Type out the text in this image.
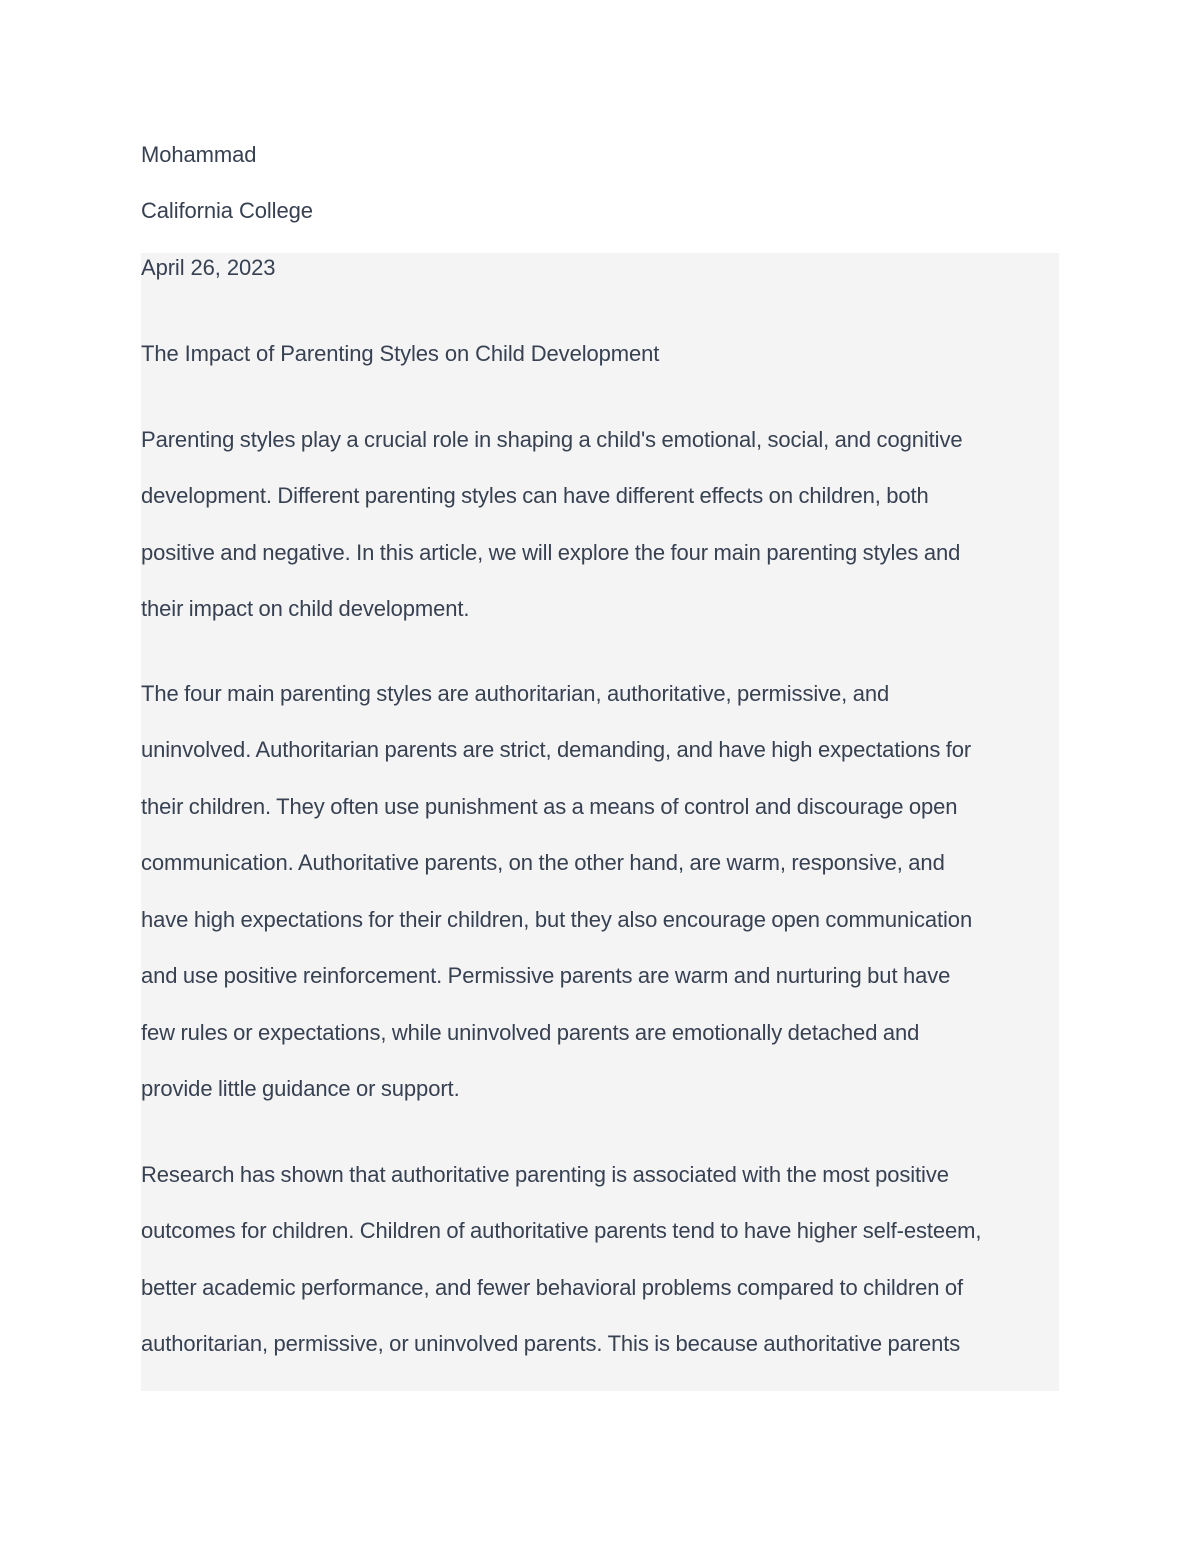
Mohammad
California College
April 26, 2023
The Impact of Parenting Styles on Child Development
Parenting styles play a crucial role in shaping a child's emotional, social, and cognitive
development. Different parenting styles can have different effects on children, both
positive and negative. In this article, we will explore the four main parenting styles and
their impact on child development.
The four main parenting styles are authoritarian, authoritative, permissive, and
uninvolved. Authoritarian parents are strict, demanding, and have high expectations for
their children. They often use punishment as a means of control and discourage open
communication. Authoritative parents, on the other hand, are warm, responsive, and
have high expectations for their children, but they also encourage open communication
and use positive reinforcement. Permissive parents are warm and nurturing but have
few rules or expectations, while uninvolved parents are emotionally detached and
provide little guidance or support.
Research has shown that authoritative parenting is associated with the most positive
outcomes for children. Children of authoritative parents tend to have higher self-esteem,
better academic performance, and fewer behavioral problems compared to children of
authoritarian, permissive, or uninvolved parents. This is because authoritative parents
